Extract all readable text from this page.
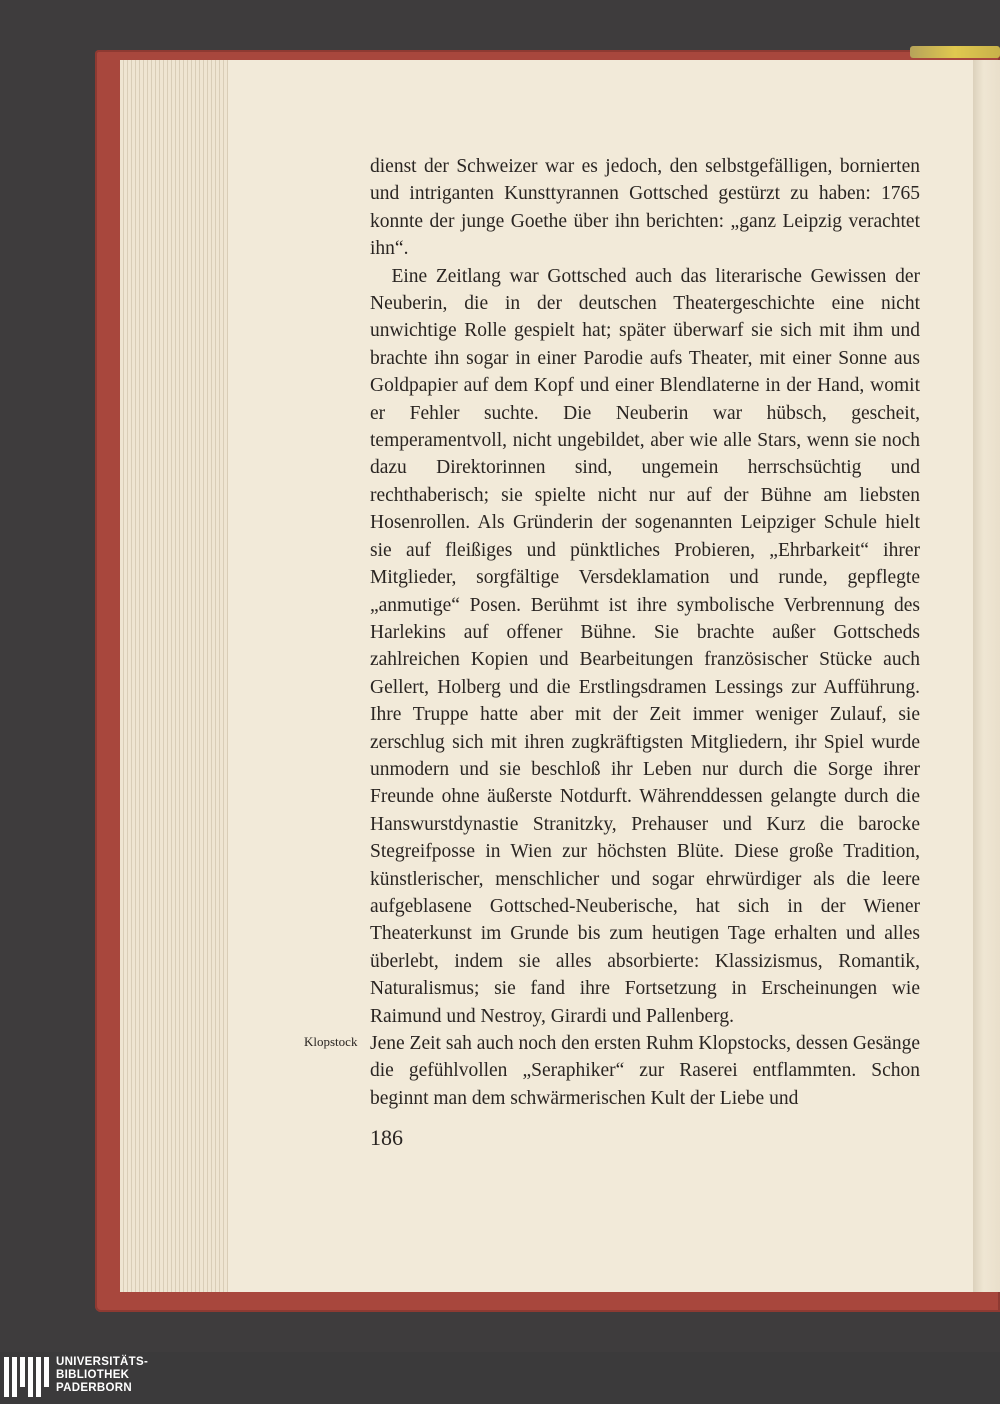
dienst der Schweizer war es jedoch, den selbstgefälligen, bornierten und intriganten Kunsttyrannen Gottsched gestürzt zu haben: 1765 konnte der junge Goethe über ihn berichten: „ganz Leipzig verachtet ihn“.

Eine Zeitlang war Gottsched auch das literarische Gewissen der Neuberin, die in der deutschen Theatergeschichte eine nicht unwichtige Rolle gespielt hat; später überwarf sie sich mit ihm und brachte ihn sogar in einer Parodie aufs Theater, mit einer Sonne aus Goldpapier auf dem Kopf und einer Blendlaterne in der Hand, womit er Fehler suchte. Die Neuberin war hübsch, gescheit, temperamentvoll, nicht ungebildet, aber wie alle Stars, wenn sie noch dazu Direktorinnen sind, ungemein herrschsüchtig und rechthaberisch; sie spielte nicht nur auf der Bühne am liebsten Hosenrollen. Als Gründerin der sogenannten Leipziger Schule hielt sie auf fleißiges und pünktliches Probieren, „Ehrbarkeit“ ihrer Mitglieder, sorgfältige Versdeklamation und runde, gepflegte „anmutige“ Posen. Berühmt ist ihre symbolische Verbrennung des Harlekins auf offener Bühne. Sie brachte außer Gottscheds zahlreichen Kopien und Bearbeitungen französischer Stücke auch Gellert, Holberg und die Erstlingsdramen Lessings zur Aufführung. Ihre Truppe hatte aber mit der Zeit immer weniger Zulauf, sie zerschlug sich mit ihren zugkräftigsten Mitgliedern, ihr Spiel wurde unmodern und sie beschloß ihr Leben nur durch die Sorge ihrer Freunde ohne äußerste Notdurft. Währenddessen gelangte durch die Hanswurstdynastie Stranitzky, Prehauser und Kurz die barocke Stegreifposse in Wien zur höchsten Blüte. Diese große Tradition, künstlerischer, menschlicher und sogar ehrwürdiger als die leere aufgeblasene Gottsched-Neuberische, hat sich in der Wiener Theaterkunst im Grunde bis zum heutigen Tage erhalten und alles überlebt, indem sie alles absorbierte: Klassizismus, Romantik, Naturalismus; sie fand ihre Fortsetzung in Erscheinungen wie Raimund und Nestroy, Girardi und Pallenberg.

Jene Zeit sah auch noch den ersten Ruhm Klopstocks, dessen Gesänge die gefühlvollen „Seraphiker“ zur Raserei entflammten. Schon beginnt man dem schwärmerischen Kult der Liebe und

Klopstock
186
UNIVERSITÄTS-
BIBLIOTHEK
PADERBORN
